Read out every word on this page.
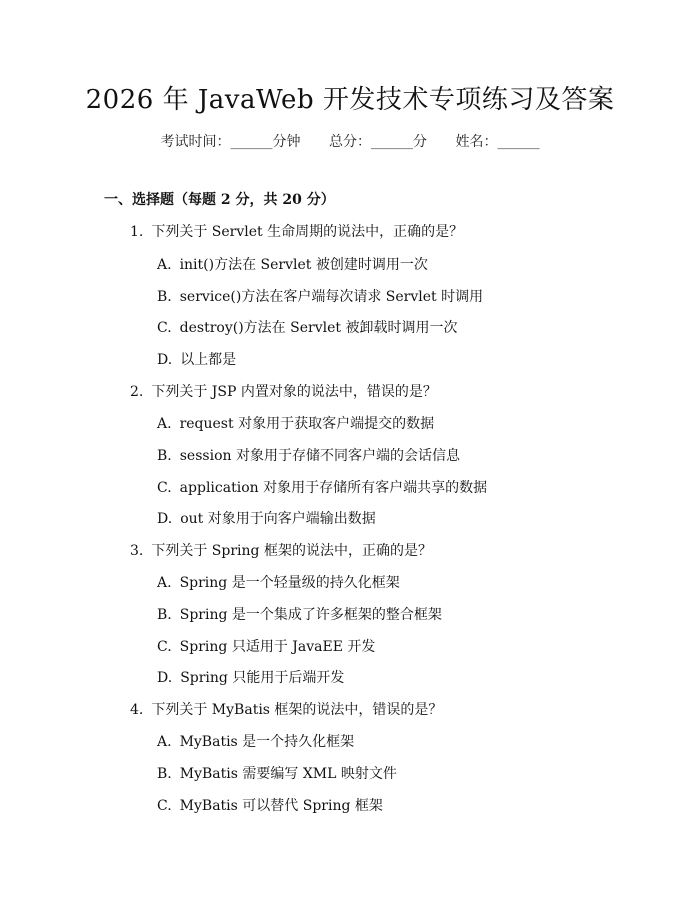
2026 年 JavaWeb 开发技术专项练习及答案
考试时间：______分钟 总分：______分 姓名：______
一、选择题（每题 2 分，共 20 分）
1. 下列关于 Servlet 生命周期的说法中，正确的是？
A. init()方法在 Servlet 被创建时调用一次
B. service()方法在客户端每次请求 Servlet 时调用
C. destroy()方法在 Servlet 被卸载时调用一次
D. 以上都是
2. 下列关于 JSP 内置对象的说法中，错误的是？
A. request 对象用于获取客户端提交的数据
B. session 对象用于存储不同客户端的会话信息
C. application 对象用于存储所有客户端共享的数据
D. out 对象用于向客户端输出数据
3. 下列关于 Spring 框架的说法中，正确的是？
A. Spring 是一个轻量级的持久化框架
B. Spring 是一个集成了许多框架的整合框架
C. Spring 只适用于 JavaEE 开发
D. Spring 只能用于后端开发
4. 下列关于 MyBatis 框架的说法中，错误的是？
A. MyBatis 是一个持久化框架
B. MyBatis 需要编写 XML 映射文件
C. MyBatis 可以替代 Spring 框架
